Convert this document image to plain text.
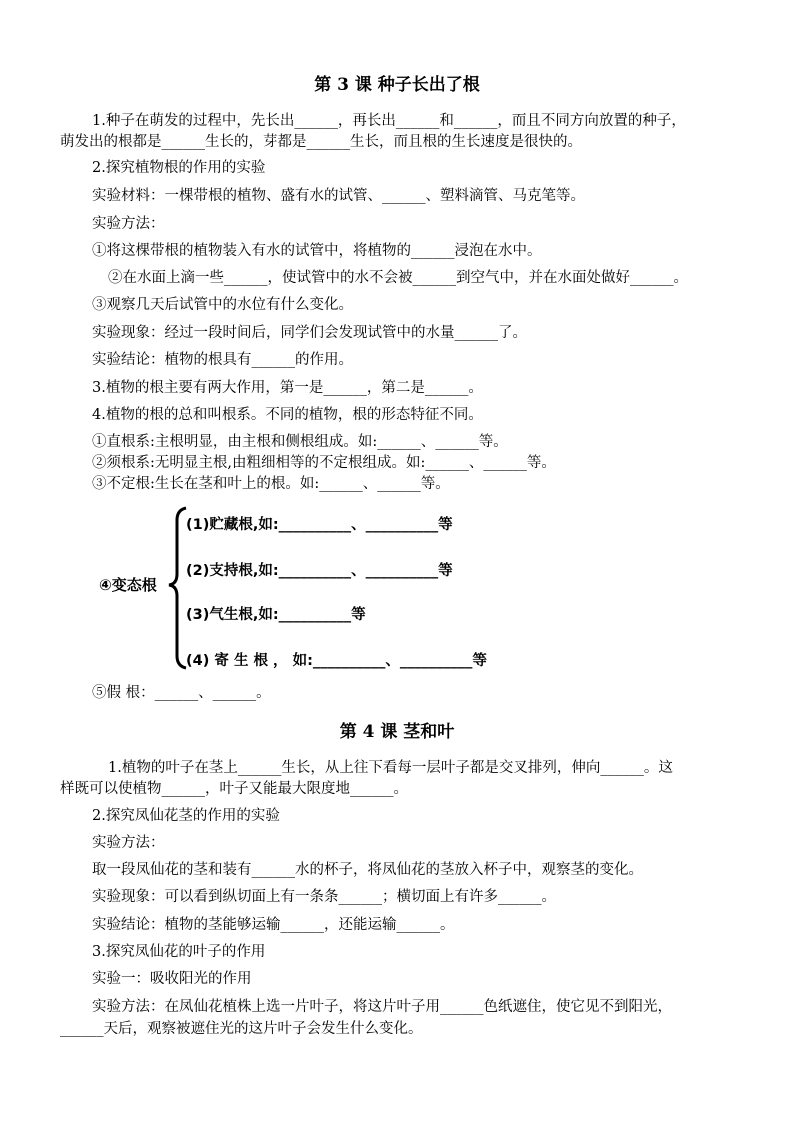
第 3 课 种子长出了根
1.种子在萌发的过程中，先长出______，再长出______和______，而且不同方向放置的种子，
萌发出的根都是______生长的，芽都是______生长，而且根的生长速度是很快的。
2.探究植物根的作用的实验
实验材料：一棵带根的植物、盛有水的试管、______、塑料滴管、马克笔等。
实验方法：
①将这棵带根的植物装入有水的试管中，将植物的______浸泡在水中。
②在水面上滴一些______，使试管中的水不会被______到空气中，并在水面处做好______。
③观察几天后试管中的水位有什么变化。
实验现象：经过一段时间后，同学们会发现试管中的水量______了。
实验结论：植物的根具有______的作用。
3.植物的根主要有两大作用，第一是______，第二是______。
4.植物的根的总和叫根系。不同的植物，根的形态特征不同。
①直根系:主根明显，由主根和侧根组成。如:______、______等。
②须根系:无明显主根,由粗细相等的不定根组成。如:______、______等。
③不定根:生长在茎和叶上的根。如:______、______等。
④变态根
(1)贮藏根,如:__________、__________等
(2)支持根,如:__________、__________等
(3)气生根,如:__________等
(4) 寄 生 根 ， 如:__________、__________等
⑤假 根：______、______。
第 4 课 茎和叶
1.植物的叶子在茎上______生长，从上往下看每一层叶子都是交叉排列，伸向______。这
样既可以使植物______，叶子又能最大限度地______。
2.探究凤仙花茎的作用的实验
实验方法：
取一段凤仙花的茎和装有______水的杯子，将凤仙花的茎放入杯子中，观察茎的变化。
实验现象：可以看到纵切面上有一条条______；横切面上有许多______。
实验结论：植物的茎能够运输______，还能运输______。
3.探究凤仙花的叶子的作用
实验一：吸收阳光的作用
实验方法：在凤仙花植株上选一片叶子，将这片叶子用______色纸遮住，使它见不到阳光，
______天后，观察被遮住光的这片叶子会发生什么变化。
